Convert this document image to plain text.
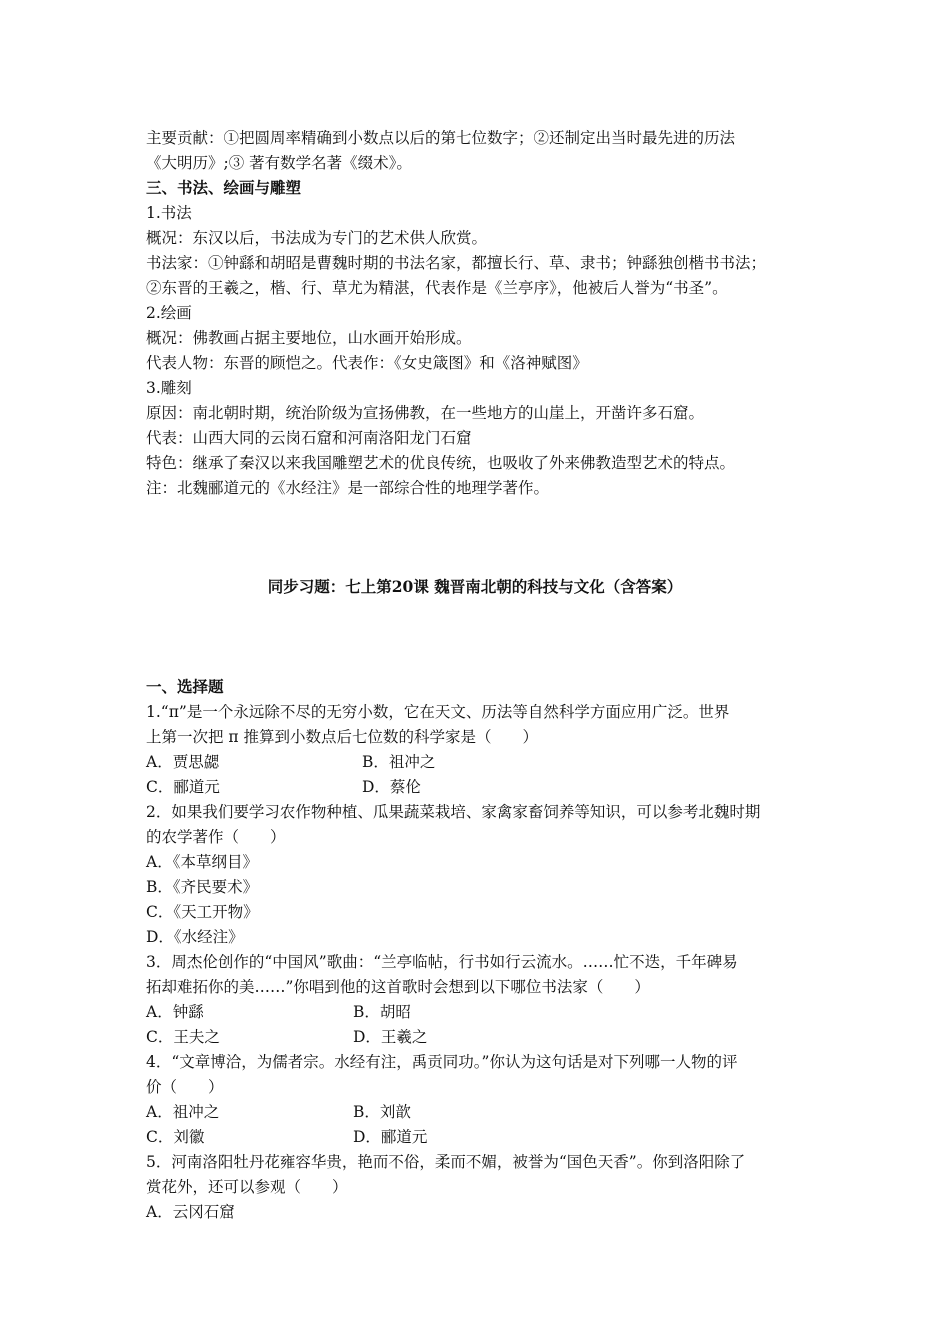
主要贡献：①把圆周率精确到小数点以后的第七位数字；②还制定出当时最先进的历法
《大明历》;③ 著有数学名著《缀术》。
三、书法、绘画与雕塑
1.书法
概况：东汉以后，书法成为专门的艺术供人欣赏。
书法家：①钟繇和胡昭是曹魏时期的书法名家，都擅长行、草、隶书；钟繇独创楷书书法；
②东晋的王羲之，楷、行、草尤为精湛，代表作是《兰亭序》，他被后人誉为“书圣”。
2.绘画
概况：佛教画占据主要地位，山水画开始形成。
代表人物：东晋的顾恺之。代表作：《女史箴图》和《洛神赋图》
3.雕刻
原因：南北朝时期，统治阶级为宣扬佛教，在一些地方的山崖上，开凿许多石窟。
代表：山西大同的云岗石窟和河南洛阳龙门石窟
特色：继承了秦汉以来我国雕塑艺术的优良传统，也吸收了外来佛教造型艺术的特点。
注：北魏郦道元的《水经注》是一部综合性的地理学著作。
同步习题：七上第20课 魏晋南北朝的科技与文化（含答案）
一、选择题
1.“π”是一个永远除不尽的无穷小数，它在天文、历法等自然科学方面应用广泛。世界
上第一次把 π 推算到小数点后七位数的科学家是（　　）
A．贾思勰	B．祖冲之
C．郦道元	D．蔡伦
2．如果我们要学习农作物种植、瓜果蔬菜栽培、家禽家畜饲养等知识，可以参考北魏时期
的农学著作（　　）
A．《本草纲目》
B．《齐民要术》
C．《天工开物》
D．《水经注》
3．周杰伦创作的“中国风”歌曲：“兰亭临帖，行书如行云流水。……忙不迭，千年碑易
拓却难拓你的美……”你唱到他的这首歌时会想到以下哪位书法家（　　）
A．钟繇	B．胡昭
C．王夫之	D．王羲之
4．“文章博洽，为儒者宗。水经有注，禹贡同功。”你认为这句话是对下列哪一人物的评
价（　　）
A．祖冲之	B．刘歆
C．刘徽	D．郦道元
5．河南洛阳牡丹花雍容华贵，艳而不俗，柔而不媚，被誉为“国色天香”。你到洛阳除了
赏花外，还可以参观（　　）
A．云冈石窟
